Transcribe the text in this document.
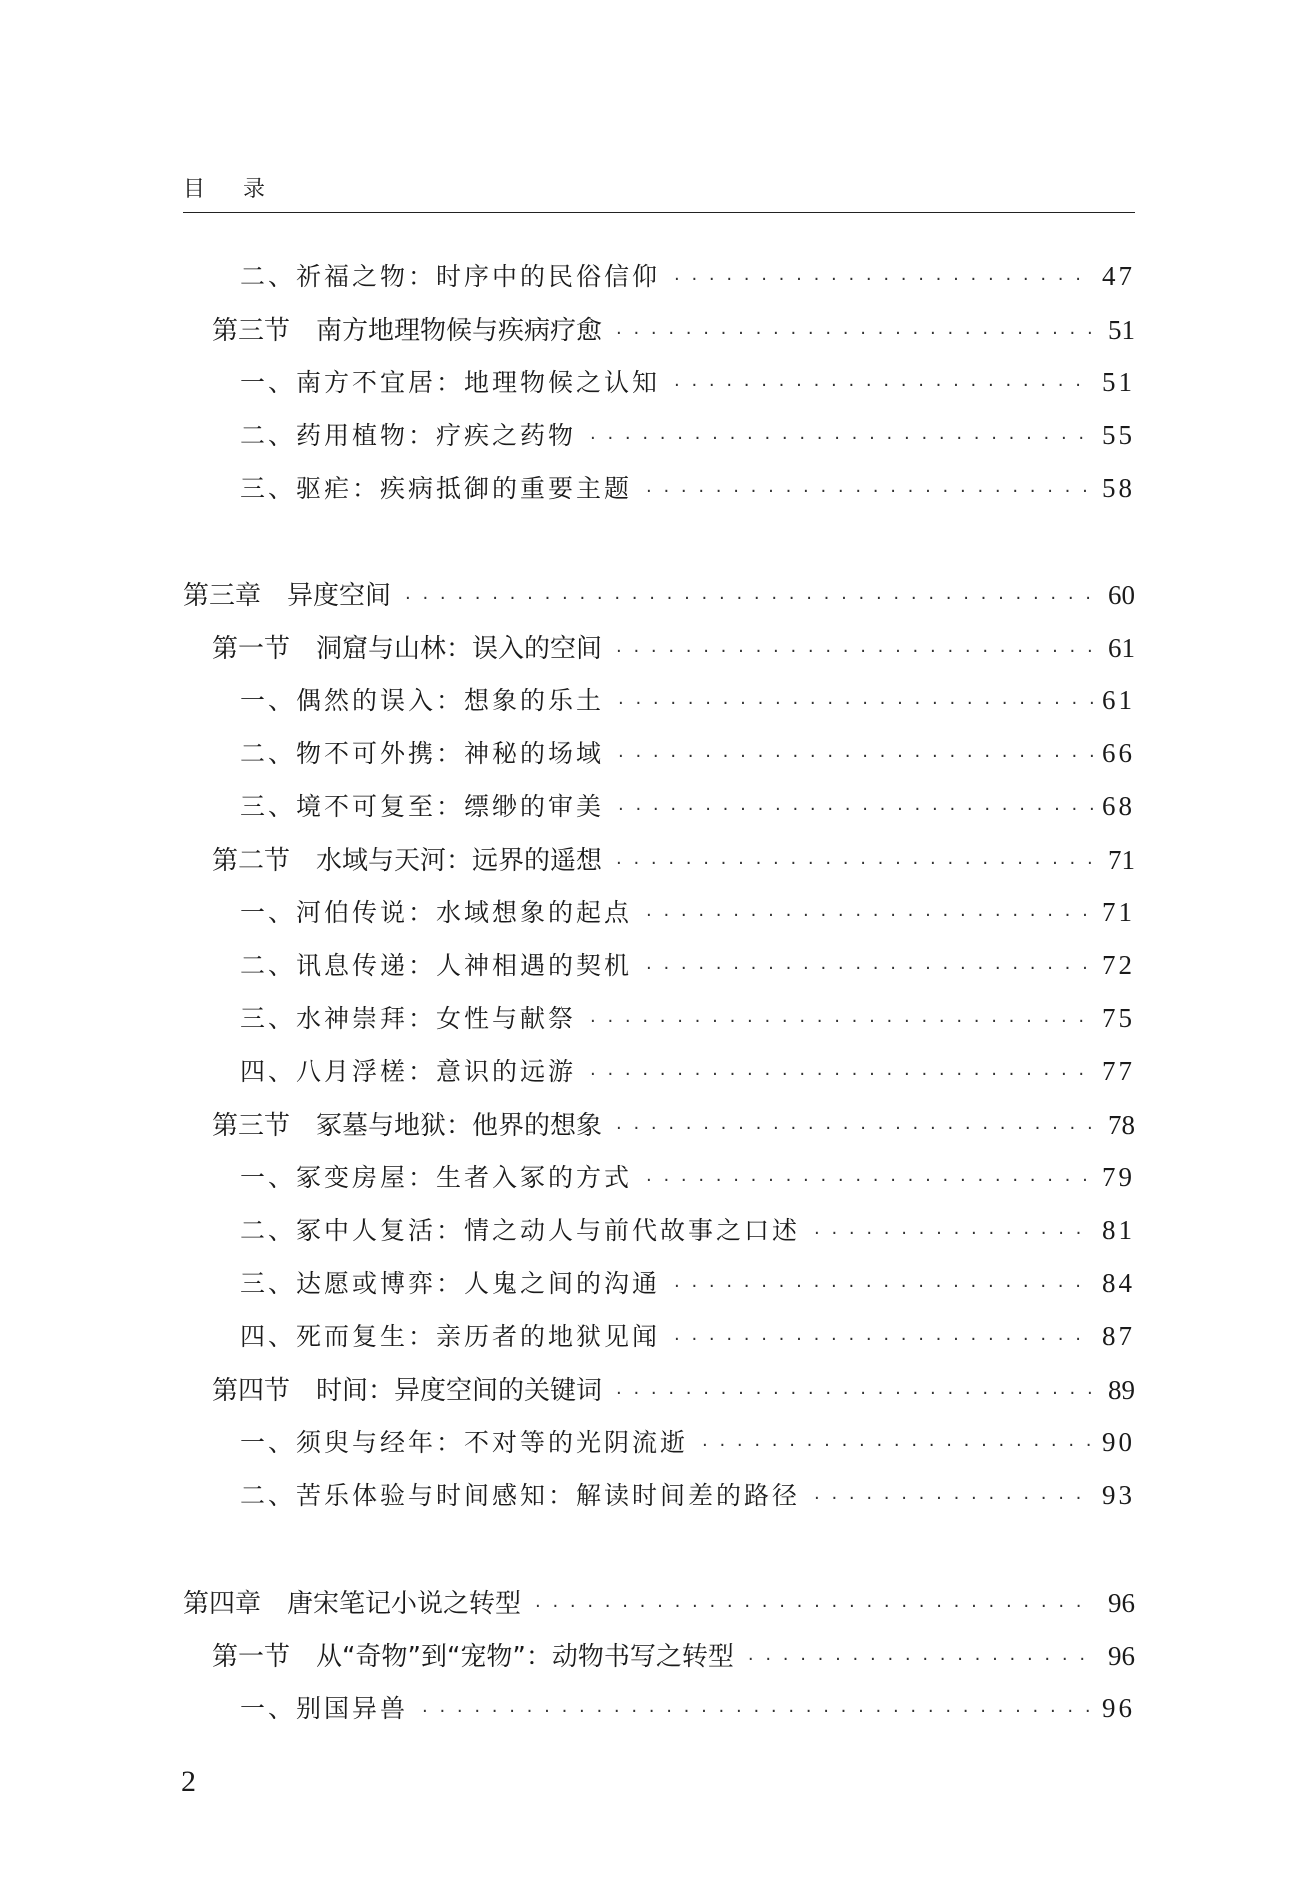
目录
二、祈福之物：时序中的民俗信仰 · · ·	47
第三节　南方地理物候与疾病疗愈 · · ·	51
一、南方不宜居：地理物候之认知 · · ·	51
二、药用植物：疗疾之药物 · · ·	55
三、驱疟：疾病抵御的重要主题 · · ·	58
第三章　异度空间 · · ·	60
第一节　洞窟与山林：误入的空间 · · ·	61
一、偶然的误入：想象的乐土 · · ·	61
二、物不可外携：神秘的场域 · · ·	66
三、境不可复至：缥缈的审美 · · ·	68
第二节　水域与天河：远界的遥想 · · ·	71
一、河伯传说：水域想象的起点 · · ·	71
二、讯息传递：人神相遇的契机 · · ·	72
三、水神崇拜：女性与献祭 · · ·	75
四、八月浮槎：意识的远游 · · ·	77
第三节　冢墓与地狱：他界的想象 · · ·	78
一、冢变房屋：生者入冢的方式 · · ·	79
二、冢中人复活：情之动人与前代故事之口述 · · ·	81
三、达愿或博弈：人鬼之间的沟通 · · ·	84
四、死而复生：亲历者的地狱见闻 · · ·	87
第四节　时间：异度空间的关键词 · · ·	89
一、须臾与经年：不对等的光阴流逝 · · ·	90
二、苦乐体验与时间感知：解读时间差的路径 · · ·	93
第四章　唐宋笔记小说之转型 · · ·	96
第一节　从“奇物”到“宠物”：动物书写之转型 · · ·	96
一、别国异兽 · · ·	96
2
